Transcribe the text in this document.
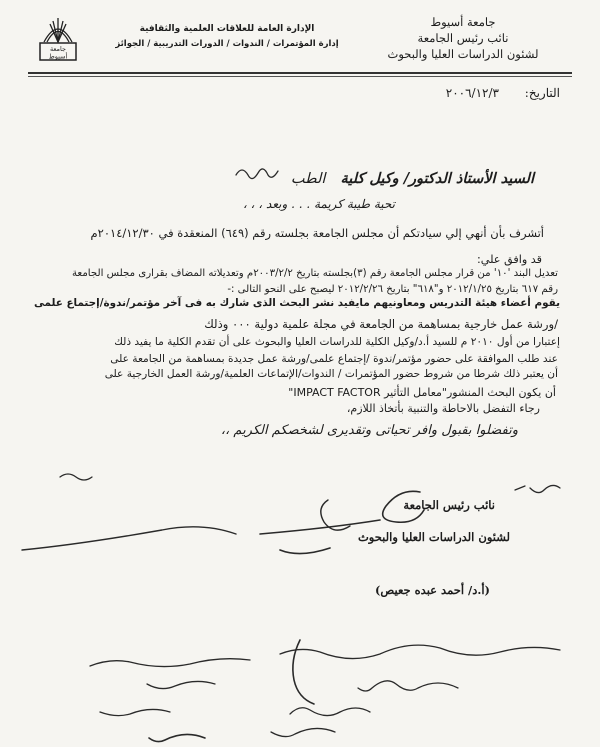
جامعة أسيوط
نائب رئيس الجامعة
لشئون الدراسات العليا والبحوث
الإدارة العامة للعلاقات العلمية والثقافية
إدارة المؤتمرات / الندوات / الدورات التدريبية / الجوائز
جامعة
أسيوط
التاريخ: ٢٠٠٦/١٢/٣
السيد الأستاذ الدكتور/ وكيل كلية الطب
تحية طيبة كريمة . . . وبعد ، ، ،
أتشرف بأن أنهي إلي سيادتكم أن مجلس الجامعة بجلسته رقم (٦٤٩) المنعقدة في ٢٠١٤/١٢/٣٠م
قد وافق علي:
تعديل البند '١٠' من قرار مجلس الجامعة رقم (٣)بجلسته بتاريخ ٢٠٠٣/٢/٢م وتعديلاته المضاف بقرارى مجلس الجامعة
رقم ٦١٧ بتاريخ ٢٠١٢/١/٢٥ و"٦١٨" بتاريخ ٢٠١٢/٢/٢٦ ليصبح على النحو التالى :-
يقوم أعضاء هيئة التدريس ومعاونيهم مايفيد نشر البحث الذى شارك به فى آخر مؤتمر/ندوة/إجتماع علمى
/ورشة عمل خارجية بمساهمة من الجامعة في مجلة علمية دولية ٠٠٠ وذلك
إعتبارا من أول ٢٠١٠ م للسيد أ.د/وكيل الكلية للدراسات العليا والبحوث على أن تقدم الكلية ما يفيد ذلك
عند طلب الموافقة على حضور مؤتمر/ندوة /إجتماع علمى/ورشة عمل جديدة بمساهمة من الجامعة على
أن يعتبر ذلك شرطا من شروط حضور المؤتمرات / الندوات/الإتماعات العلمية/ورشة العمل الخارجية على
أن يكون البحث المنشور"معامل التأثير IMPACT FACTOR"
رجاء التفضل بالاحاطة والتنبية بأتخاذ اللازم،
وتفضلوا بقبول وافر تحياتى وتقديرى لشخصكم الكريم ،،
نائب رئيس الجامعة
لشئون الدراسات العليا والبحوث
(أ.د/ أحمد عبده جعيص)
